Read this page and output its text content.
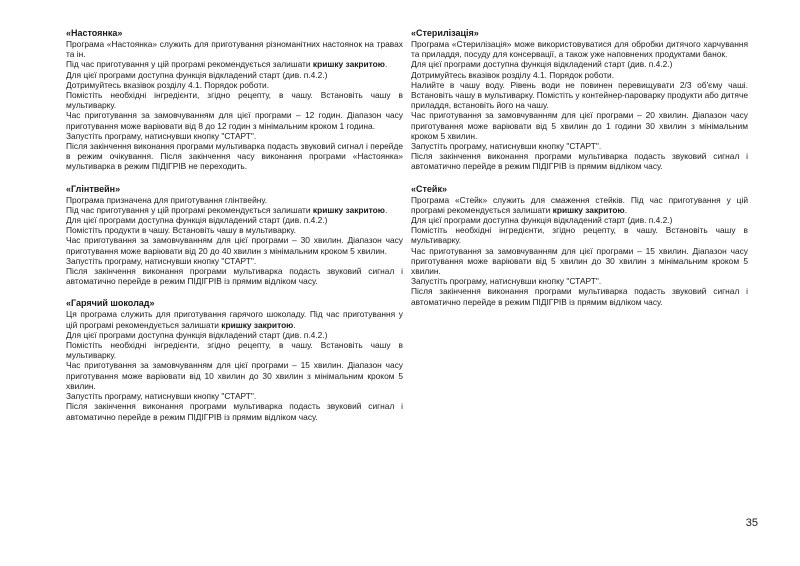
«Настоянка»

Програма «Настоянка» служить для приготування різноманітних настоянок на травах та ін.

Під час приготування у цій програмі рекомендується залишати кришку закритою.

Для цієї програми доступна функція відкладений старт (див. п.4.2.)

Дотримуйтесь вказівок розділу 4.1. Порядок роботи.

Помістіть необхідні інгредієнти, згідно рецепту, в чашу. Встановіть чашу в мультиварку.

Час приготування за замовчуванням для цієї програми – 12 годин. Діапазон часу приготування може варіювати від 8 до 12 годин з мінімальним кроком 1 година.

Запустіть програму, натиснувши кнопку "СТАРТ".

Після закінчення виконання програми мультиварка подасть звуковий сигнал і перейде в режим очікування. Після закінчення часу виконання програми «Настоянка» мультиварка в режим ПІДІГРІВ не переходить.

«Глінтвейн»

Програма призначена для приготування глінтвейну.

Під час приготування у цій програмі рекомендується залишати кришку закритою.

Для цієї програми доступна функція відкладений старт (див. п.4.2.)

Помістіть продукти в чашу. Встановіть чашу в мультиварку.

Час приготування за замовчуванням для цієї програми – 30 хвилин. Діапазон часу приготування може варіювати від 20 до 40 хвилин з мінімальним кроком 5 хвилин.

Запустіть програму, натиснувши кнопку "СТАРТ".

Після закінчення виконання програми мультиварка подасть звуковий сигнал і автоматично перейде в режим ПІДІГРІВ із прямим відліком часу.

«Гарячий шоколад»

Ця програма служить для приготування гарячого шоколаду. Під час приготування у цій програмі рекомендується залишати кришку закритою.

Для цієї програми доступна функція відкладений старт (див. п.4.2.)

Помістіть необхідні інгредієнти, згідно рецепту, в чашу. Встановіть чашу в мультиварку.

Час приготування за замовчуванням для цієї програми – 15 хвилин. Діапазон часу приготування може варіювати від 10 хвилин до 30 хвилин з мінімальним кроком 5 хвилин.

Запустіть програму, натиснувши кнопку "СТАРТ".

Після закінчення виконання програми мультиварка подасть звуковий сигнал і автоматично перейде в режим ПІДІГРІВ із прямим відліком часу.

«Стерилізація»

Програма «Стерилізація» може використовуватися для обробки дитячого харчування та приладдя, посуду для консервації, а також уже наповнених продуктами банок.

Для цієї програми доступна функція відкладений старт (див. п.4.2.)

Дотримуйтесь вказівок розділу 4.1. Порядок роботи.

Налийте в чашу воду. Рівень води не повинен перевищувати 2/3 об'єму чаші. Встановіть чашу в мультиварку. Помістіть у контейнер-пароварку продукти або дитяче приладдя, встановіть його на чашу.

Час приготування за замовчуванням для цієї програми – 20 хвилин. Діапазон часу приготування може варіювати від 5 хвилин до 1 години 30 хвилин з мінімальним кроком 5 хвилин.

Запустіть програму, натиснувши кнопку "СТАРТ".

Після закінчення виконання програми мультиварка подасть звуковий сигнал і автоматично перейде в режим ПІДІГРІВ із прямим відліком часу.

«Стейк»

Програма «Стейк» служить для смаження стейків. Під час приготування у цій програмі рекомендується залишати кришку закритою.

Для цієї програми доступна функція відкладений старт (див. п.4.2.)

Помістіть необхідні інгредієнти, згідно рецепту, в чашу. Встановіть чашу в мультиварку.

Час приготування за замовчуванням для цієї програми – 15 хвилин. Діапазон часу приготування може варіювати від 5 хвилин до 30 хвилин з мінімальним кроком 5 хвилин.

Запустіть програму, натиснувши кнопку "СТАРТ".

Після закінчення виконання програми мультиварка подасть звуковий сигнал і автоматично перейде в режим ПІДІГРІВ із прямим відліком часу.

35
